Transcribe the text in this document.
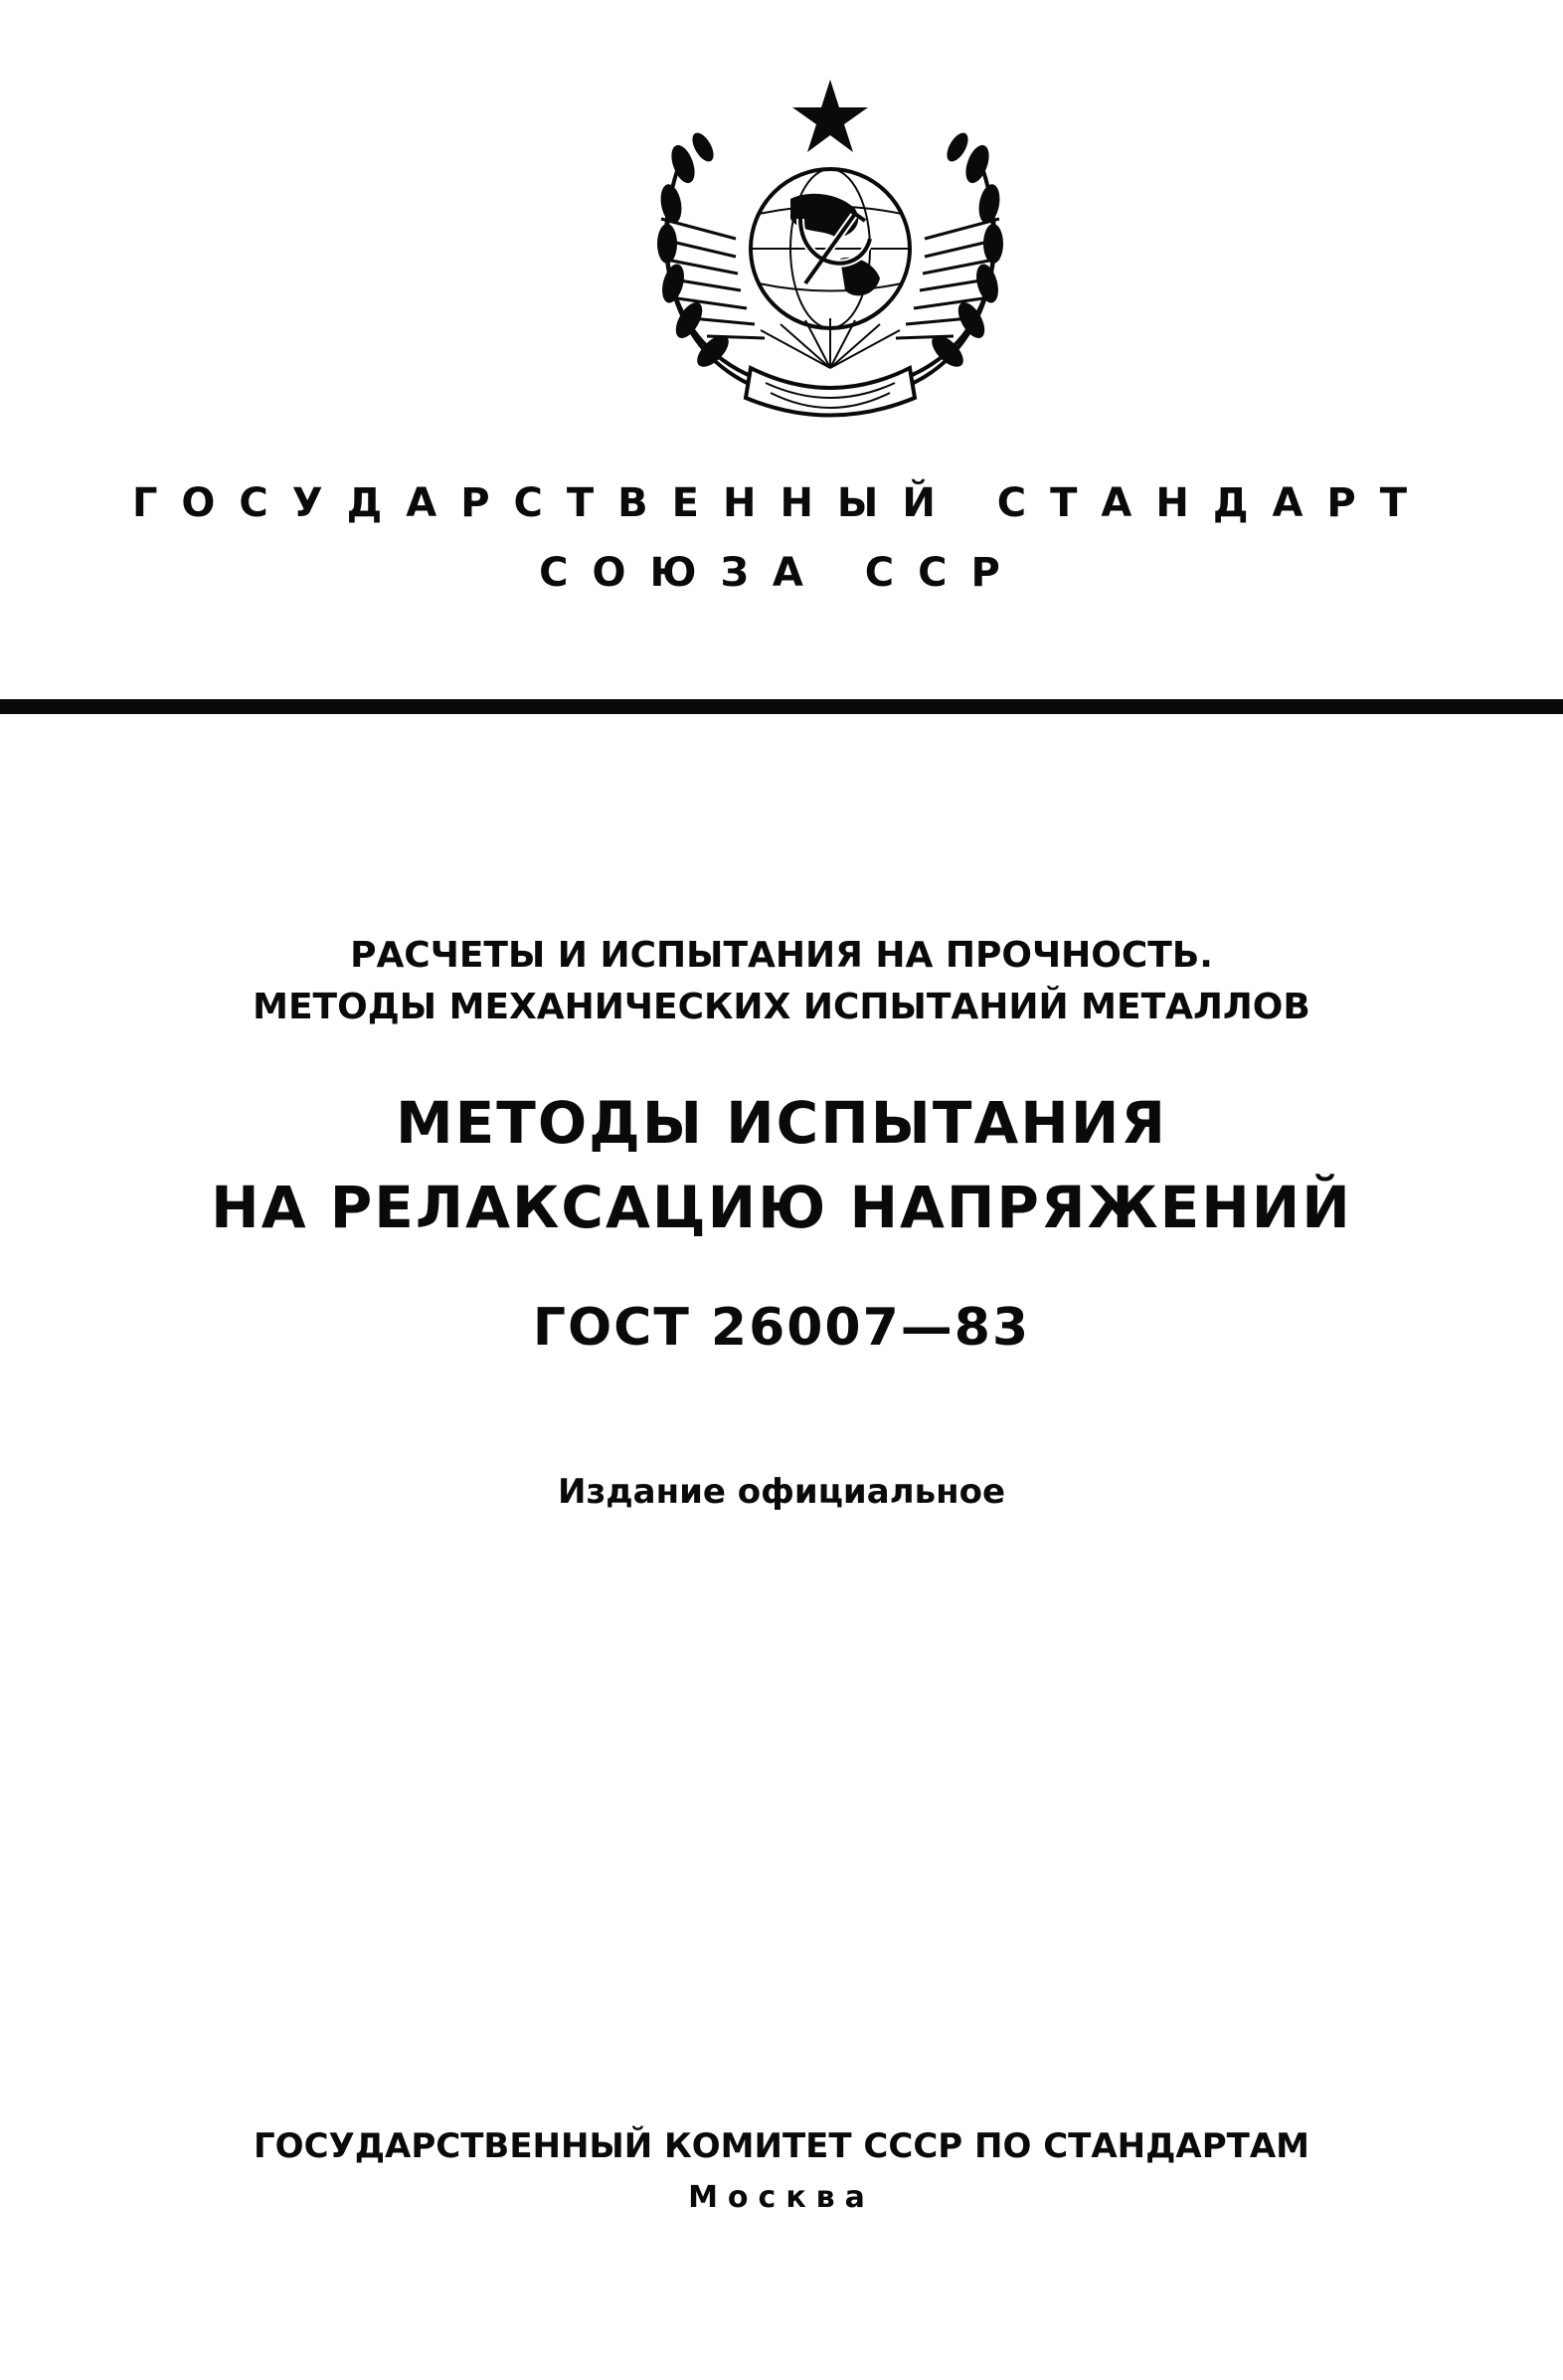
ГОСУДАРСТВЕННЫЙ СТАНДАРТ
СОЮЗА ССР
РАСЧЕТЫ И ИСПЫТАНИЯ НА ПРОЧНОСТЬ.
МЕТОДЫ МЕХАНИЧЕСКИХ ИСПЫТАНИЙ МЕТАЛЛОВ
МЕТОДЫ ИСПЫТАНИЯ
НА РЕЛАКСАЦИЮ НАПРЯЖЕНИЙ
ГОСТ 26007—83
Издание официальное
ГОСУДАРСТВЕННЫЙ КОМИТЕТ СССР ПО СТАНДАРТАМ
Москва
